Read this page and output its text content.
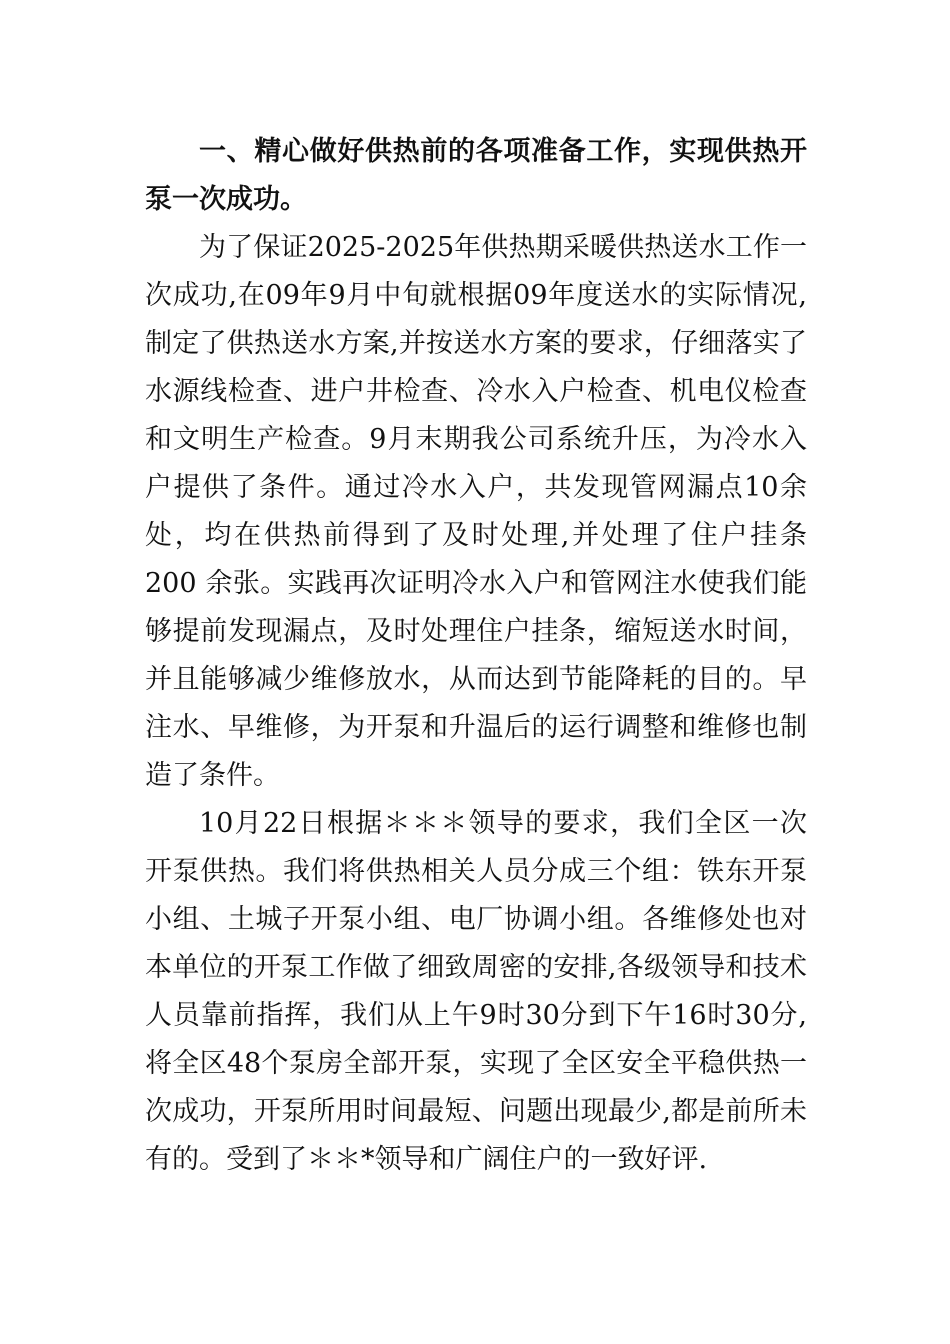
一、精心做好供热前的各项准备工作，实现供热开泵一次成功。

为了保证2025-2025年供热期采暖供热送水工作一次成功,在09年9月中旬就根据09年度送水的实际情况,制定了供热送水方案,并按送水方案的要求，仔细落实了水源线检查、进户井检查、冷水入户检查、机电仪检查和文明生产检查。9月末期我公司系统升压，为冷水入户提供了条件。通过冷水入户，共发现管网漏点10余处，均在供热前得到了及时处理,并处理了住户挂条 200 余张。实践再次证明冷水入户和管网注水使我们能够提前发现漏点，及时处理住户挂条，缩短送水时间，并且能够减少维修放水，从而达到节能降耗的目的。早注水、早维修，为开泵和升温后的运行调整和维修也制造了条件。

10月22日根据＊＊＊领导的要求，我们全区一次开泵供热。我们将供热相关人员分成三个组：铁东开泵小组、土城子开泵小组、电厂协调小组。各维修处也对本单位的开泵工作做了细致周密的安排,各级领导和技术人员靠前指挥，我们从上午9时30分到下午16时30分,将全区48个泵房全部开泵，实现了全区安全平稳供热一次成功，开泵所用时间最短、问题出现最少,都是前所未有的。受到了＊＊*领导和广阔住户的一致好评.
